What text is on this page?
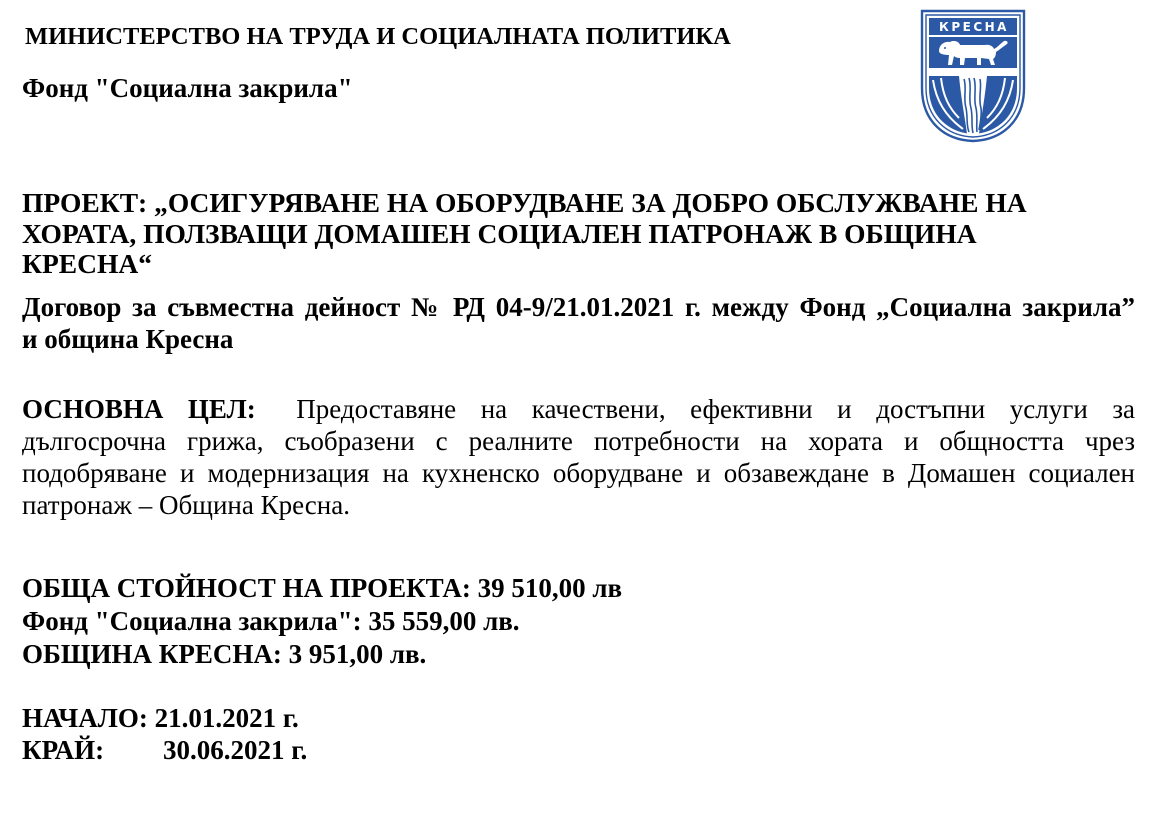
МИНИСТЕРСТВО НА ТРУДА И СОЦИАЛНАТА ПОЛИТИКА
Фонд "Социална закрила"
КРЕСНА
ПРОЕКТ: „ОСИГУРЯВАНЕ НА ОБОРУДВАНЕ ЗА ДОБРО ОБСЛУЖВАНЕ НА
ХОРАТА, ПОЛЗВАЩИ ДОМАШЕН СОЦИАЛЕН ПАТРОНАЖ В ОБЩИНА
КРЕСНА“
Договор за съвместна дейност № РД 04-9/21.01.2021 г. между Фонд „Социална закрила”
и община Кресна
ОСНОВНА ЦЕЛ: Предоставяне на качествени, ефективни и достъпни услуги за
дългосрочна грижа, съобразени с реалните потребности на хората и общността чрез
подобряване и модернизация на кухненско оборудване и обзавеждане в Домашен социален
патронаж – Община Кресна.
ОБЩА СТОЙНОСТ НА ПРОЕКТА: 39 510,00 лв
Фонд "Социална закрила": 35 559,00 лв.
ОБЩИНА КРЕСНА: 3 951,00 лв.
НАЧАЛО: 21.01.2021 г.
КРАЙ: 30.06.2021 г.
